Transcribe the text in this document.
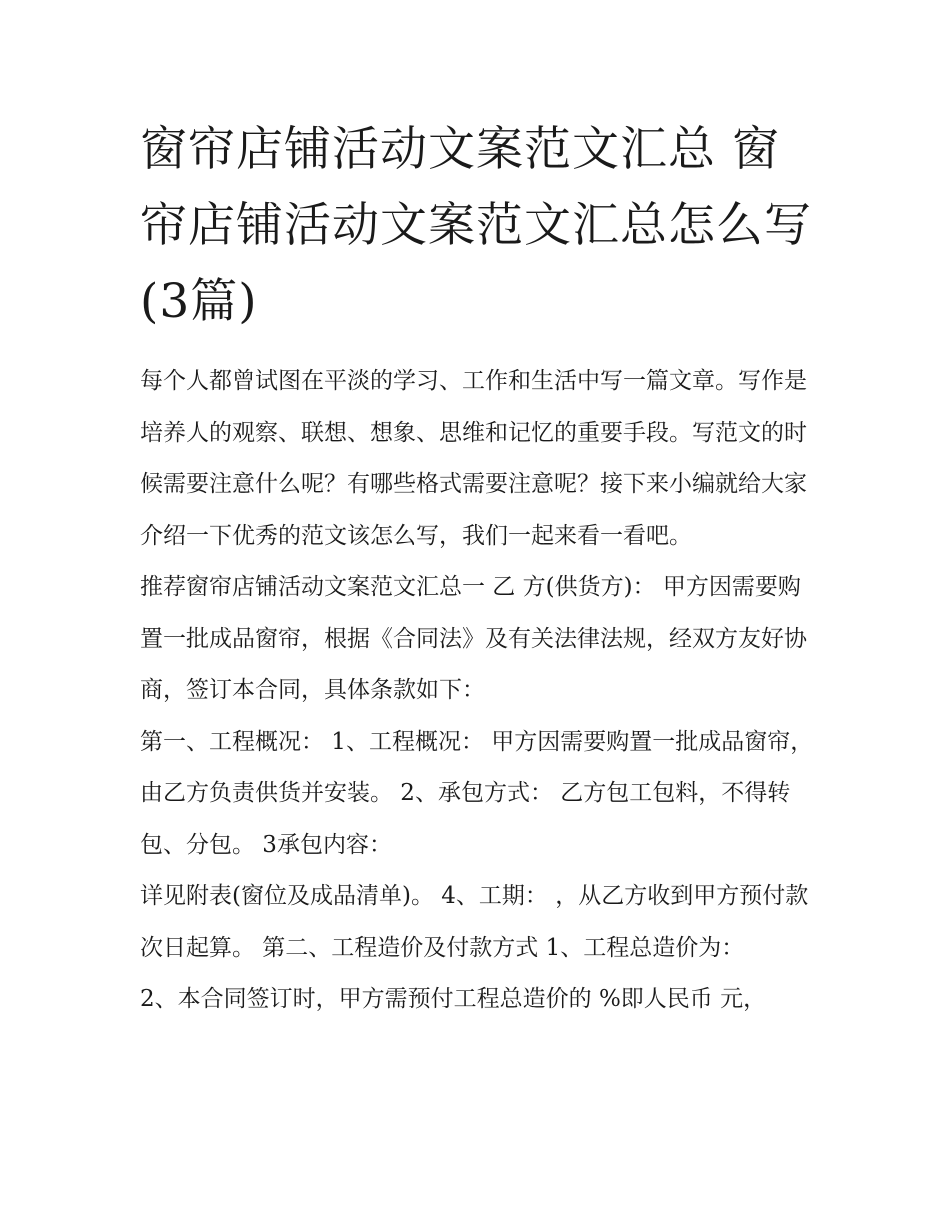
窗帘店铺活动文案范文汇总 窗帘店铺活动文案范文汇总怎么写(3篇)

每个人都曾试图在平淡的学习、工作和生活中写一篇文章。写作是培养人的观察、联想、想象、思维和记忆的重要手段。写范文的时候需要注意什么呢？有哪些格式需要注意呢？接下来小编就给大家介绍一下优秀的范文该怎么写，我们一起来看一看吧。

推荐窗帘店铺活动文案范文汇总一 乙 方(供货方)： 甲方因需要购置一批成品窗帘，根据《合同法》及有关法律法规，经双方友好协商，签订本合同，具体条款如下：

第一、工程概况： 1、工程概况： 甲方因需要购置一批成品窗帘，由乙方负责供货并安装。 2、承包方式： 乙方包工包料，不得转包、分包。 3承包内容：

详见附表(窗位及成品清单)。 4、工期： ，从乙方收到甲方预付款次日起算。 第二、工程造价及付款方式 1、工程总造价为：

2、本合同签订时，甲方需预付工程总造价的 %即人民币 元，
